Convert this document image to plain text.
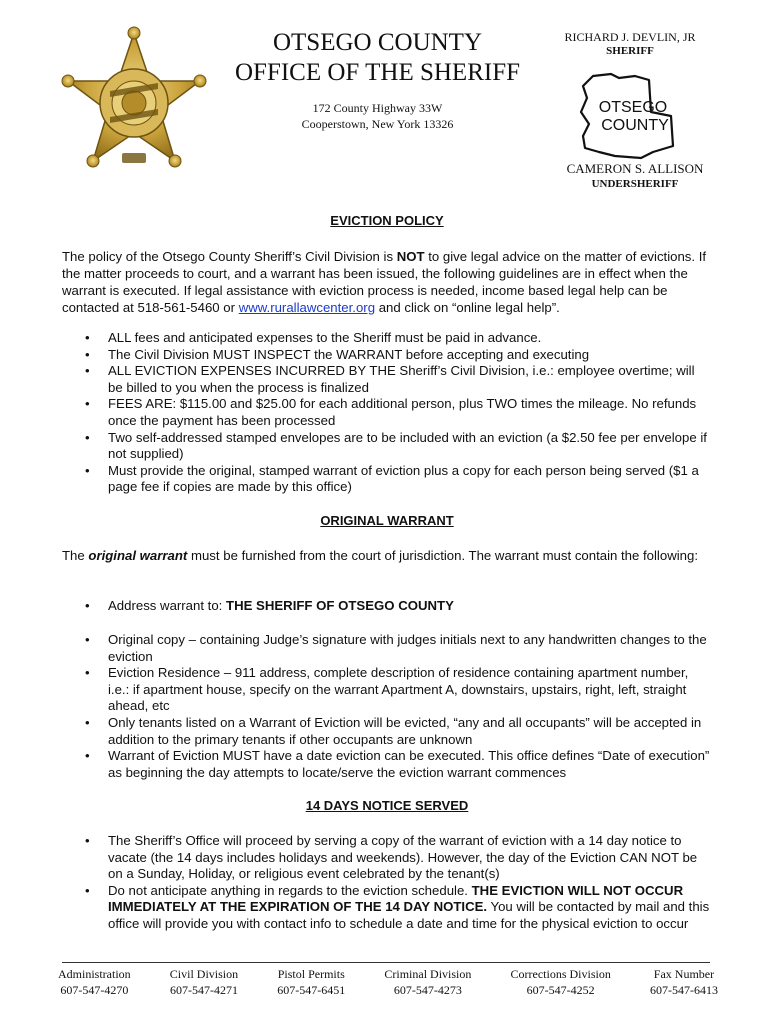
OTSEGO COUNTY
OFFICE OF THE SHERIFF
172 County Highway 33W
Cooperstown, New York 13326
RICHARD J. DEVLIN, JR
SHERIFF
OTSEGO
COUNTY
CAMERON S. ALLISON
UNDERSHERIFF
EVICTION POLICY
The policy of the Otsego County Sheriff’s Civil Division is NOT to give legal advice on the matter of evictions. If the matter proceeds to court, and a warrant has been issued, the following guidelines are in effect when the warrant is executed. If legal assistance with eviction process is needed, income based legal help can be contacted at 518-561-5460 or www.rurallawcenter.org and click on “online legal help”.
• ALL fees and anticipated expenses to the Sheriff must be paid in advance.
• The Civil Division MUST INSPECT the WARRANT before accepting and executing
• ALL EVICTION EXPENSES INCURRED BY THE Sheriff’s Civil Division, i.e.: employee overtime; will be billed to you when the process is finalized
• FEES ARE: $115.00 and $25.00 for each additional person, plus TWO times the mileage. No refunds once the payment has been processed
• Two self-addressed stamped envelopes are to be included with an eviction (a $2.50 fee per envelope if not supplied)
• Must provide the original, stamped warrant of eviction plus a copy for each person being served ($1 a page fee if copies are made by this office)
ORIGINAL WARRANT
The original warrant must be furnished from the court of jurisdiction. The warrant must contain the following:
• Address warrant to: THE SHERIFF OF OTSEGO COUNTY
• Original copy – containing Judge’s signature with judges initials next to any handwritten changes to the eviction
• Eviction Residence – 911 address, complete description of residence containing apartment number, i.e.: if apartment house, specify on the warrant Apartment A, downstairs, upstairs, right, left, straight ahead, etc
• Only tenants listed on a Warrant of Eviction will be evicted, “any and all occupants” will be accepted in addition to the primary tenants if other occupants are unknown
• Warrant of Eviction MUST have a date eviction can be executed. This office defines “Date of execution” as beginning the day attempts to locate/serve the eviction warrant commences
14 DAYS NOTICE SERVED
• The Sheriff’s Office will proceed by serving a copy of the warrant of eviction with a 14 day notice to vacate (the 14 days includes holidays and weekends). However, the day of the Eviction CAN NOT be on a Sunday, Holiday, or religious event celebrated by the tenant(s)
• Do not anticipate anything in regards to the eviction schedule. THE EVICTION WILL NOT OCCUR IMMEDIATELY AT THE EXPIRATION OF THE 14 DAY NOTICE. You will be contacted by mail and this office will provide you with contact info to schedule a date and time for the physical eviction to occur
Administration
607-547-4270
Civil Division
607-547-4271
Pistol Permits
607-547-6451
Criminal Division
607-547-4273
Corrections Division
607-547-4252
Fax Number
607-547-6413
